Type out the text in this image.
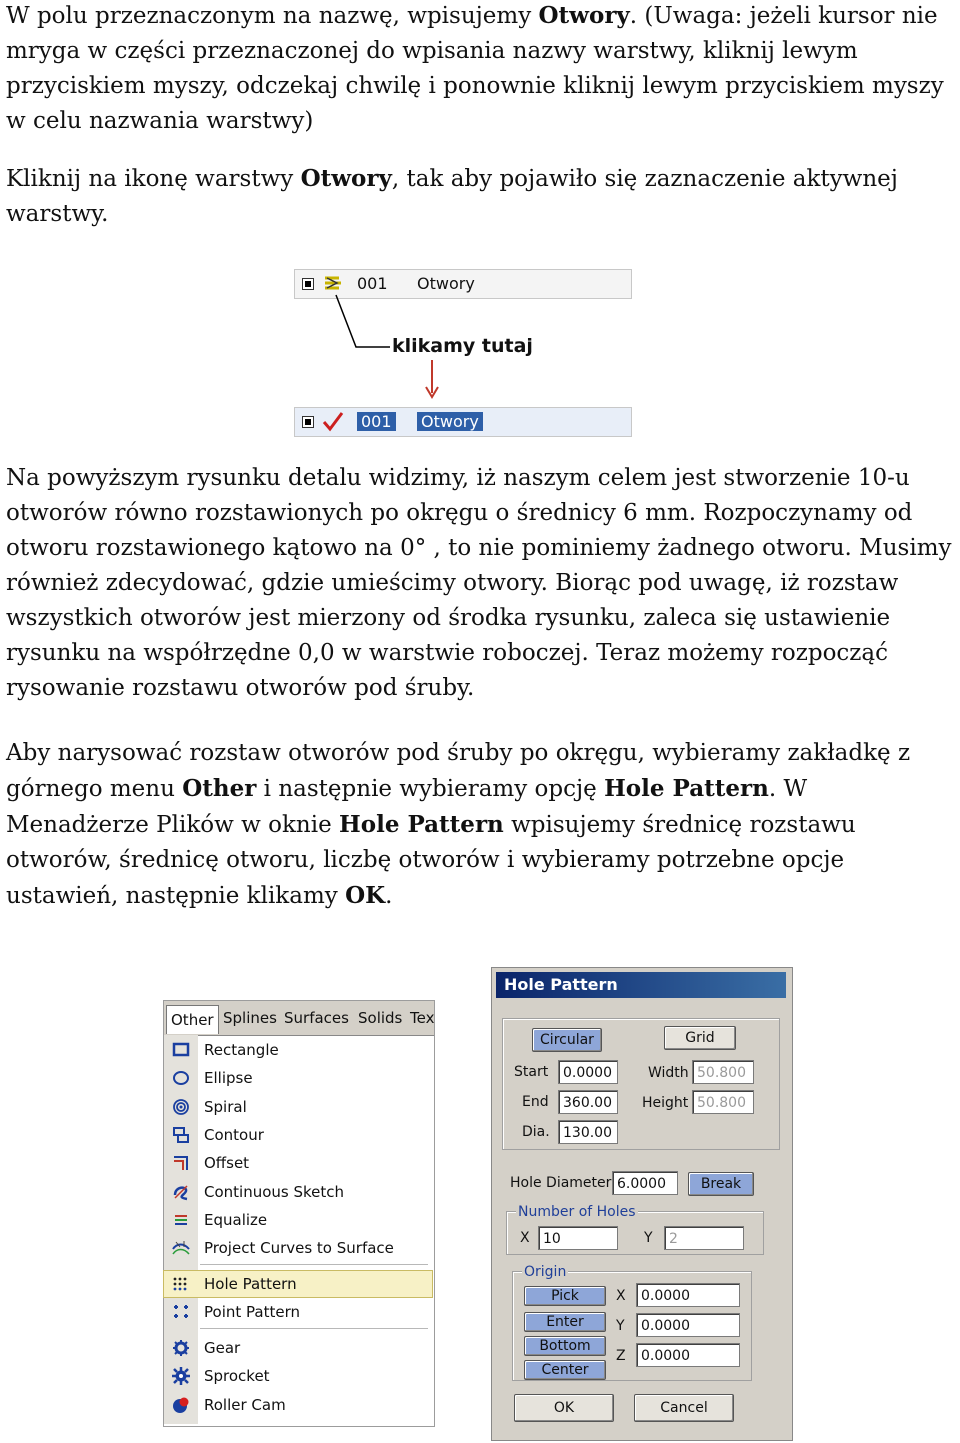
W polu przeznaczonym na nazwę, wpisujemy Otwory. (Uwaga: jeżeli kursor nie mryga w części przeznaczonej do wpisania nazwy warstwy, kliknij lewym przyciskiem myszy, odczekaj chwilę i ponownie kliknij lewym przyciskiem myszy w celu nazwania warstwy)

Kliknij na ikonę warstwy Otwory, tak aby pojawiło się zaznaczenie aktywnej warstwy.

001 Otwory
klikamy tutaj
001 Otwory

Na powyższym rysunku detalu widzimy, iż naszym celem jest stworzenie 10-u otworów równo rozstawionych po okręgu o średnicy 6 mm. Rozpoczynamy od otworu rozstawionego kątowo na 0° , to nie pominiemy żadnego otworu. Musimy również zdecydować, gdzie umieścimy otwory. Biorąc pod uwagę, iż rozstaw wszystkich otworów jest mierzony od środka rysunku, zaleca się ustawienie rysunku na współrzędne 0,0 w warstwie roboczej. Teraz możemy rozpocząć rysowanie rozstawu otworów pod śruby.

Aby narysować rozstaw otworów pod śruby po okręgu, wybieramy zakładkę z górnego menu Other i następnie wybieramy opcję Hole Pattern. W Menadżerze Plików w oknie Hole Pattern wpisujemy średnicę rozstawu otworów, średnicę otworu, liczbę otworów i wybieramy potrzebne opcje ustawień, następnie klikamy OK.

Other Splines Surfaces Solids Tex
Rectangle
Ellipse
Spiral
Contour
Offset
Continuous Sketch
Equalize
Project Curves to Surface
Hole Pattern
Point Pattern
Gear
Sprocket
Roller Cam
Hole Pattern
Circular	Grid
Start	0.0000
End	360.00
Dia. 130.00
Width 50.800
Height 50.800
Hole Diameter 6.0000	Break
Number of Holes
X 10	Y	2
Origin
Pick
Enter
Bottom
Center
X	0.0000
Y	0.0000
Z	0.0000
OK	Cancel
